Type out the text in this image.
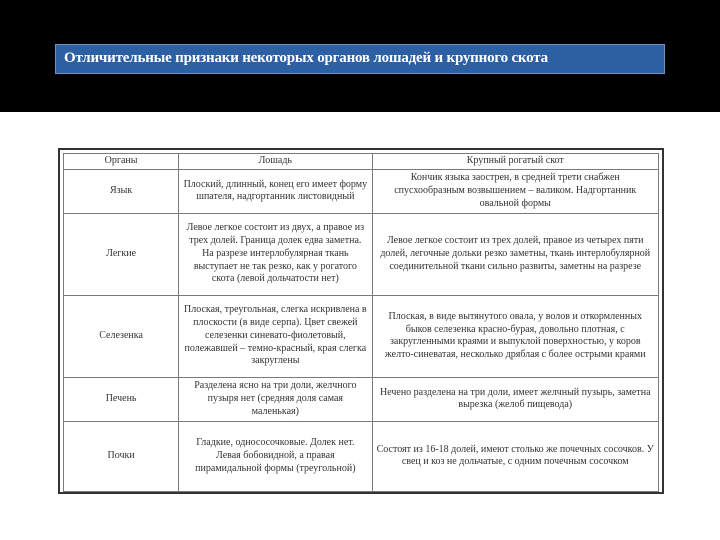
Отличительные признаки некоторых органов лошадей и крупного скота
Органы	Лошадь	Крупный рогатый скот
Язык	Плоский, длинный, конец его имеет форму шпателя, надгортанник листовидный	Кончик языка заострен, в средней трети снабжен спусхообразным возвышением – валиком. Надгортанник овальной формы
Легкие	Левое легкое состоит из двух, а правое из трех долей. Граница долек едва заметна. На разрезе интерлобулярная ткань выступает не так резко, как у рогатого скота (левой дольчатости нет)	Левое легкое состоит из трех долей, правое из четырех пяти долей, легочные дольки резко заметны, ткань интерлобулярной соединительной ткани сильно развиты, заметны на разрезе
Селезенка	Плоская, треугольная, слегка искривлена в плоскости (в виде серпа). Цвет свежей селезенки синевато-фиолетовый, полежавшей – темно-красный, края слегка закруглены	Плоская, в виде вытянутого овала, у волов и откормленных быков селезенка красно-бурая, довольно плотная, с закругленными краями и выпуклой поверхностью, у коров желто-синеватая, несколько дряблая с более острыми краями
Печень	Разделена ясно на три доли, желчного пузыря нет (средняя доля самая маленькая)	Нечено разделена на три доли, имеет желчный пузырь, заметна вырезка (желоб пищевода)
Почки	Гладкие, однососочковые. Долек нет. Левая бобовидной, а правая пирамидальной формы (треугольной)	Состоят из 16-18 долей, имеют столько же почечных сосочков. У свец и коз не дольчатые, с одним почечным сосочком
